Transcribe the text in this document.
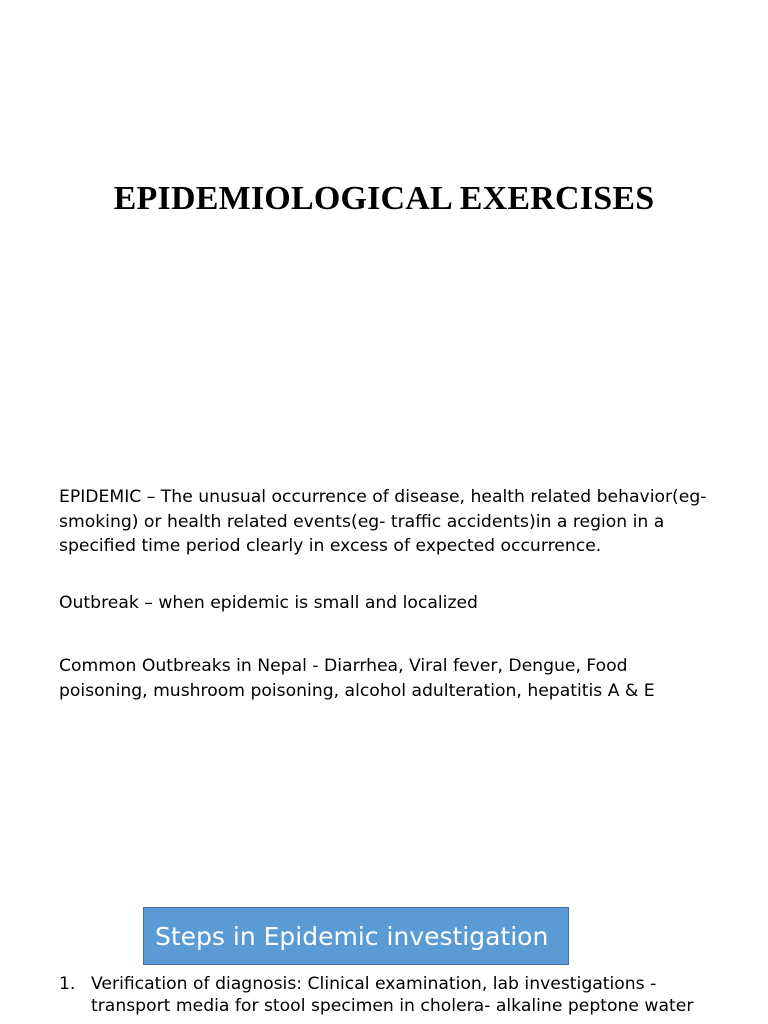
EPIDEMIOLOGICAL EXERCISES
EPIDEMIC – The unusual occurrence of disease, health related behavior(eg-smoking) or health related events(eg- traffic accidents)in a region in a specified time period clearly in excess of expected occurrence.
Outbreak – when epidemic is small and localized
Common Outbreaks in Nepal - Diarrhea, Viral fever, Dengue, Food poisoning, mushroom poisoning, alcohol adulteration, hepatitis A & E
Steps in Epidemic investigation
1. Verification of diagnosis: Clinical examination, lab investigations - transport media for stool specimen in cholera- alkaline peptone water
